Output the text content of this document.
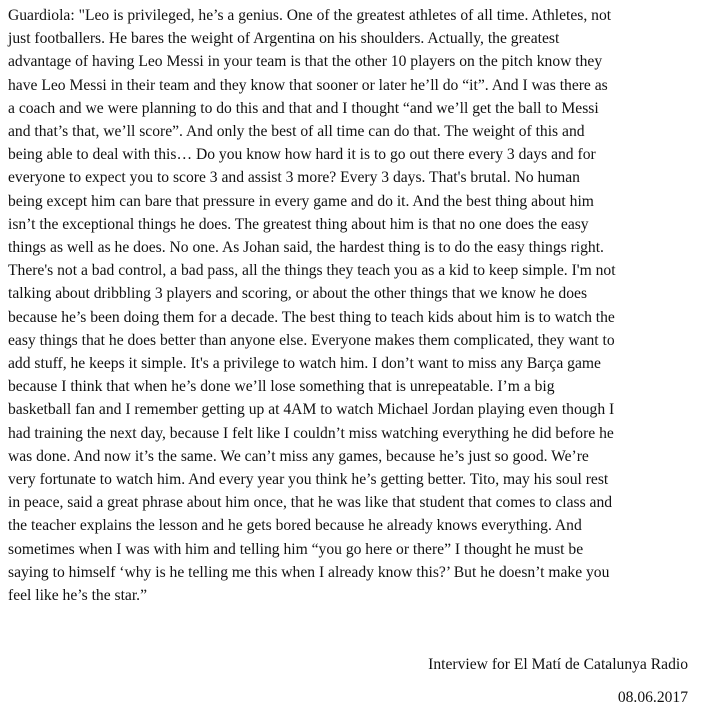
Guardiola: "Leo is privileged, he’s a genius. One of the greatest athletes of all time. Athletes, not
just footballers. He bares the weight of Argentina on his shoulders. Actually, the greatest
advantage of having Leo Messi in your team is that the other 10 players on the pitch know they
have Leo Messi in their team and they know that sooner or later he’ll do “it”. And I was there as
a coach and we were planning to do this and that and I thought “and we’ll get the ball to Messi
and that’s that, we’ll score”. And only the best of all time can do that. The weight of this and
being able to deal with this… Do you know how hard it is to go out there every 3 days and for
everyone to expect you to score 3 and assist 3 more? Every 3 days. That's brutal. No human
being except him can bare that pressure in every game and do it. And the best thing about him
isn’t the exceptional things he does. The greatest thing about him is that no one does the easy
things as well as he does. No one. As Johan said, the hardest thing is to do the easy things right.
There's not a bad control, a bad pass, all the things they teach you as a kid to keep simple. I'm not
talking about dribbling 3 players and scoring, or about the other things that we know he does
because he’s been doing them for a decade. The best thing to teach kids about him is to watch the
easy things that he does better than anyone else. Everyone makes them complicated, they want to
add stuff, he keeps it simple. It's a privilege to watch him. I don’t want to miss any Barça game
because I think that when he’s done we’ll lose something that is unrepeatable. I’m a big
basketball fan and I remember getting up at 4AM to watch Michael Jordan playing even though I
had training the next day, because I felt like I couldn’t miss watching everything he did before he
was done. And now it’s the same. We can’t miss any games, because he’s just so good. We’re
very fortunate to watch him. And every year you think he’s getting better. Tito, may his soul rest
in peace, said a great phrase about him once, that he was like that student that comes to class and
the teacher explains the lesson and he gets bored because he already knows everything. And
sometimes when I was with him and telling him “you go here or there” I thought he must be
saying to himself ‘why is he telling me this when I already know this?’ But he doesn’t make you
feel like he’s the star.”

Interview for El Matí de Catalunya Radio
08.06.2017
